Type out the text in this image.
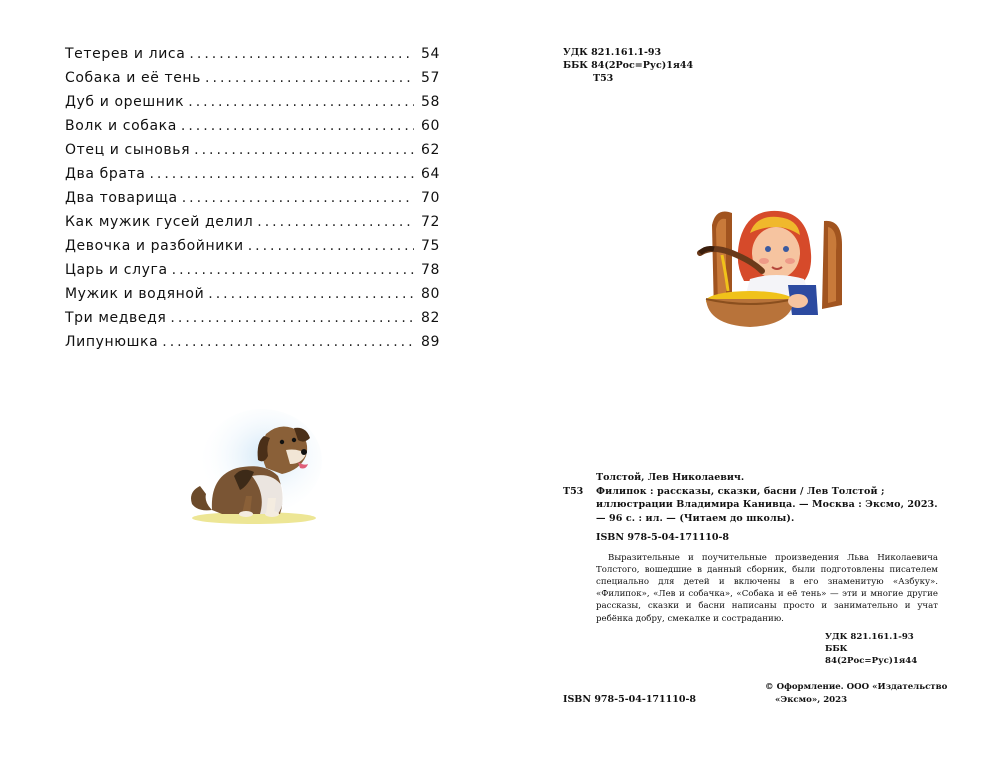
Тетерев и лиса .....	54
Собака и её тень .....	57
Дуб и орешник .....	58
Волк и собака .....	60
Отец и сыновья .....	62
Два брата .....	64
Два товарища .....	70
Как мужик гусей делил .....	72
Девочка и разбойники .....	75
Царь и слуга .....	78
Мужик и водяной .....	80
Три медведя .....	82
Липунюшка .....	89
УДК 821.161.1-93
ББК 84(2Рос=Рус)1я44
Т53
Толстой, Лев Николаевич.
Т53	Филипок : рассказы, сказки, басни / Лев Толстой ; иллюстрации Владимира Канивца. — Москва : Эксмо, 2023. — 96 с. : ил. — (Читаем до школы).
ISBN 978-5-04-171110-8
Выразительные и поучительные произведения Льва Николаевича Толстого, вошедшие в данный сборник, были подготовлены писателем специально для детей и включены в его знаменитую «Азбуку». «Филипок», «Лев и собачка», «Собака и её тень» — эти и многие другие рассказы, сказки и басни написаны просто и занимательно и учат ребёнка добру, смекалке и состраданию.
УДК 821.161.1-93
ББК 84(2Рос=Рус)1я44
ISBN 978-5-04-171110-8
© Оформление. ООО «Издательство
«Эксмо», 2023
